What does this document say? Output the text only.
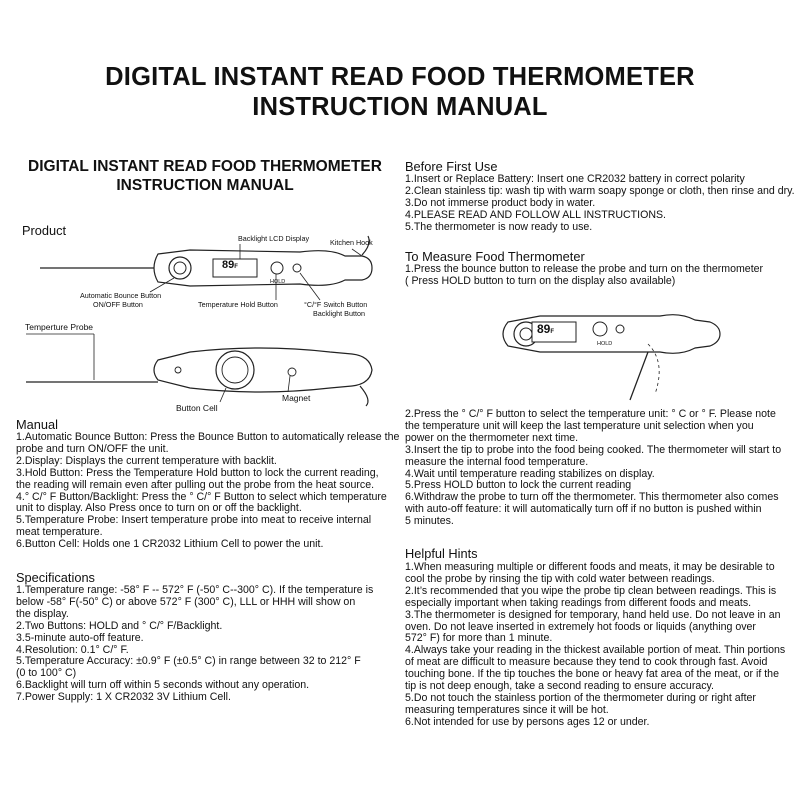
DIGITAL INSTANT READ FOOD THERMOMETER
INSTRUCTION MANUAL
DIGITAL INSTANT READ FOOD THERMOMETER
INSTRUCTION MANUAL
Product
89F
HOLD
Backlight LCD Display	Kitchen Hook
Automatic Bounce Button
ON/OFF Button	Temperature Hold Button	°C/°F Switch Button
Backlight Button
Temperture Probe
Button Cell
Magnet
Manual
1.Automatic Bounce Button: Press the Bounce Button to automatically release the
probe and turn ON/OFF the unit.
2.Display: Displays the current temperature with backlit.
3.Hold Button: Press the Temperature Hold button to lock the current reading,
the reading will remain even after pulling out the probe from the heat source.
4.° C/° F Button/Backlight: Press the ° C/° F Button to select which temperature
unit to display. Also Press once to turn on or off the backlight.
5.Temperature Probe: Insert temperature probe into meat to receive internal
meat temperature.
6.Button Cell: Holds one 1 CR2032 Lithium Cell to power the unit.
Specifications
1.Temperature range: -58° F -- 572° F (-50° C--300° C). If the temperature is
below -58° F(-50° C) or above 572° F (300° C), LLL or HHH will show on
the display.
2.Two Buttons: HOLD and ° C/° F/Backlight.
3.5-minute auto-off feature.
4.Resolution: 0.1° C/° F.
5.Temperature Accuracy: ±0.9° F (±0.5° C) in range between 32 to 212° F
(0 to 100° C)
6.Backlight will turn off within 5 seconds without any operation.
7.Power Supply: 1 X CR2032 3V Lithium Cell.
Before First Use
1.Insert or Replace Battery: Insert one CR2032 battery in correct polarity
2.Clean stainless tip: wash tip with warm soapy sponge or cloth, then rinse and dry.
3.Do not immerse product body in water.
4.PLEASE READ AND FOLLOW ALL INSTRUCTIONS.
5.The thermometer is now ready to use.
To Measure Food Thermometer
1.Press the bounce button to release the probe and turn on the thermometer
( Press HOLD button to turn on the display also available)
89F
HOLD
2.Press the ° C/° F button to select the temperature unit: ° C or ° F. Please note
the temperature unit will keep the last temperature unit selection when you
power on the thermometer next time.
3.Insert the tip to probe into the food being cooked. The thermometer will start to
measure the internal food temperature.
4.Wait until temperature reading stabilizes on display.
5.Press HOLD button to lock the current reading
6.Withdraw the probe to turn off the thermometer. This thermometer also comes
with auto-off feature: it will automatically turn off if no button is pushed within
5 minutes.
Helpful Hints
1.When measuring multiple or different foods and meats, it may be desirable to
cool the probe by rinsing the tip with cold water between readings.
2.It’s recommended that you wipe the probe tip clean between readings. This is
especially important when taking readings from different foods and meats.
3.The thermometer is designed for temporary, hand held use. Do not leave in an
oven. Do not leave inserted in extremely hot foods or liquids (anything over
572° F) for more than 1 minute.
4.Always take your reading in the thickest available portion of meat. Thin portions
of meat are difficult to measure because they tend to cook through fast. Avoid
touching bone. If the tip touches the bone or heavy fat area of the meat, or if the
tip is not deep enough, take a second reading to ensure accuracy.
5.Do not touch the stainless portion of the thermometer during or right after
measuring temperatures since it will be hot.
6.Not intended for use by persons ages 12 or under.
